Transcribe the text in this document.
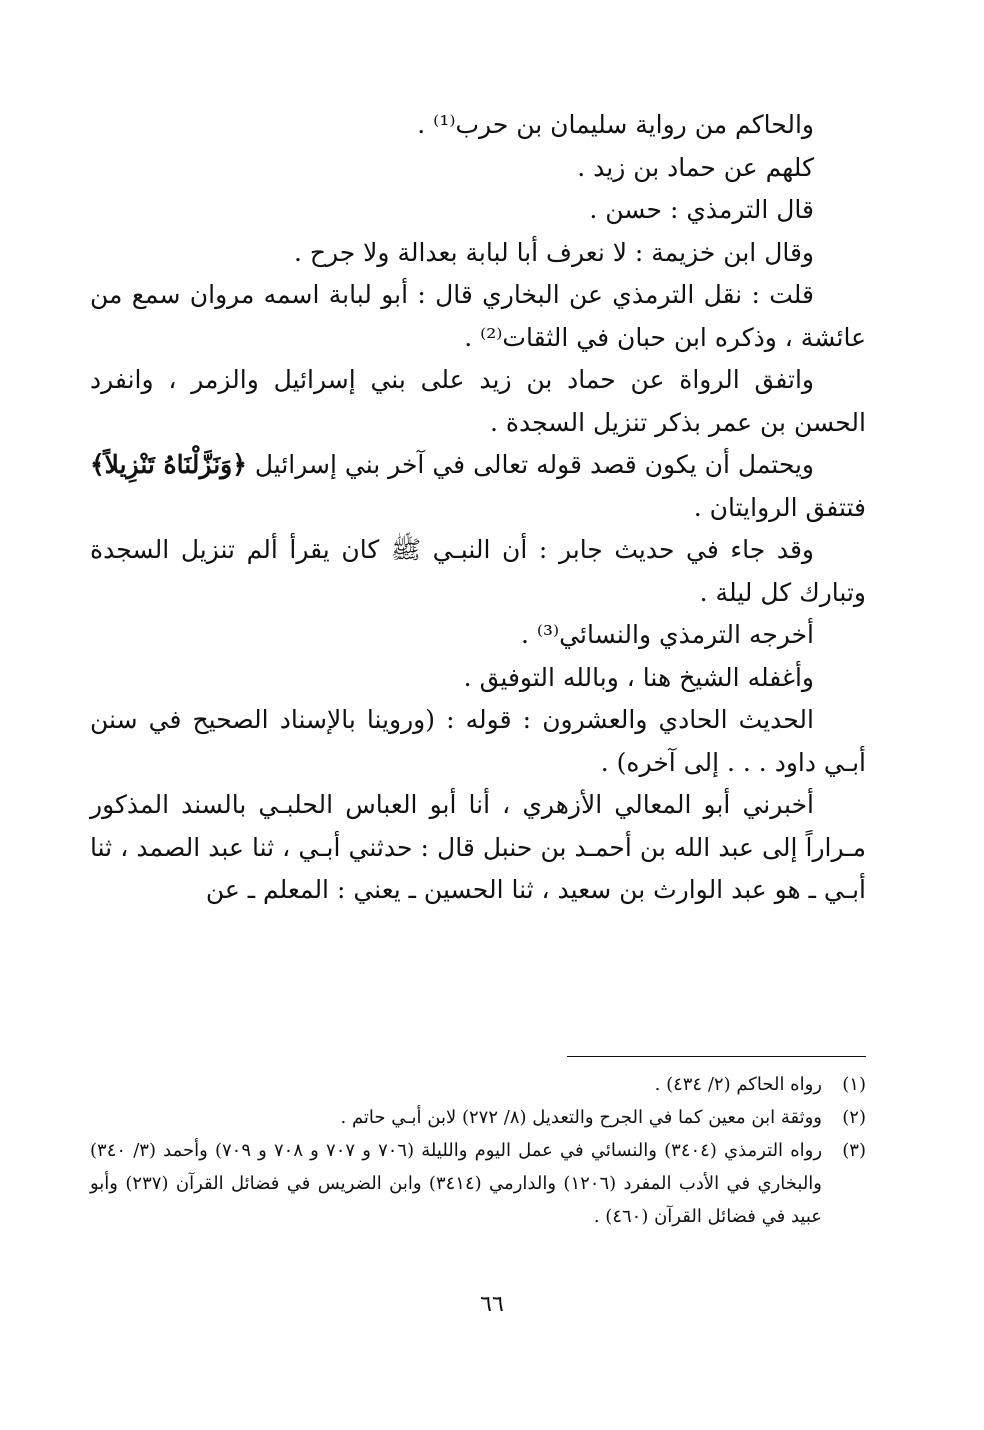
والحاكم من رواية سليمان بن حرب⁽¹⁾ .

كلهم عن حماد بن زيد .

قال الترمذي : حسن .

وقال ابن خزيمة : لا نعرف أبا لبابة بعدالة ولا جرح .

قلت : نقل الترمذي عن البخاري قال : أبو لبابة اسمه مروان سمع من عائشة ، وذكره ابن حبان في الثقات⁽²⁾ .

واتفق الرواة عن حماد بن زيد على بني إسرائيل والزمر ، وانفرد الحسن بن عمر بذكر تنزيل السجدة .

ويحتمل أن يكون قصد قوله تعالى في آخر بني إسرائيل ﴿وَنَزَّلْنَاهُ تَنْزِيلاً﴾ فتتفق الروايتان .

وقد جاء في حديث جابر : أن النبـي ﷺ كان يقرأ ألم تنزيل السجدة وتبارك كل ليلة .

أخرجه الترمذي والنسائي⁽³⁾ .

وأغفله الشيخ هنا ، وبالله التوفيق .

الحديث الحادي والعشرون : قوله : (وروينا بالإسناد الصحيح في سنن أبـي داود . . . إلى آخره) .

أخبرني أبو المعالي الأزهري ، أنا أبو العباس الحلبـي بالسند المذكور مـراراً إلى عبد الله بن أحمـد بن حنبل قال : حدثني أبـي ، ثنا عبد الصمد ، ثنا أبـي ـ هو عبد الوارث بن سعيد ، ثنا الحسين ـ يعني : المعلم ـ عن

(١)
رواه الحاكم (٢/ ٤٣٤) .

(٢)
ووثقة ابن معين كما في الجرح والتعديل (٨/ ٢٧٢) لابن أبـي حاتم .

(٣)
رواه الترمذي (٣٤٠٤) والنسائي في عمل اليوم والليلة (٧٠٦ و ٧٠٧ و ٧٠٨ و ٧٠٩) وأحمد (٣/ ٣٤٠) والبخاري في الأدب المفرد (١٢٠٦) والدارمي (٣٤١٤) وابن الضريس في فضائل القرآن (٢٣٧) وأبو عبيد في فضائل القرآن (٤٦٠) .

٦٦
